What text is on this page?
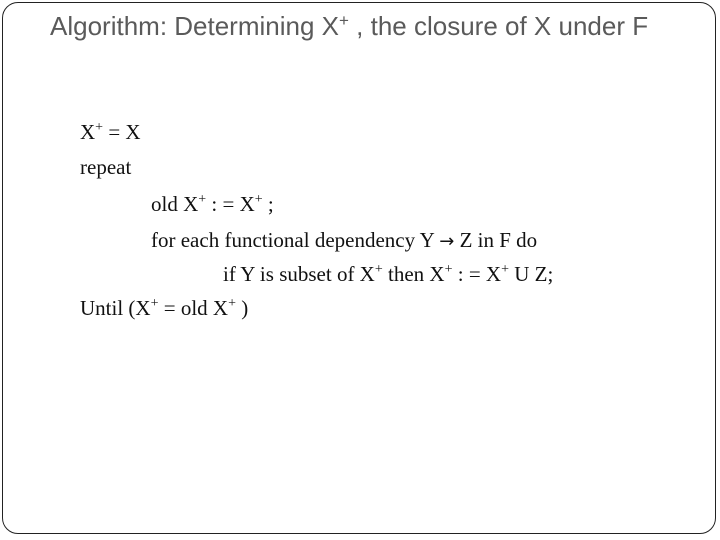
Algorithm: Determining X+ , the closure of X under F
X+ = X
repeat
old X+ : = X+ ;
for each functional dependency Y → Z in F do
if Y is subset of X+ then X+ : = X+ U Z;
Until (X+ = old X+ )
